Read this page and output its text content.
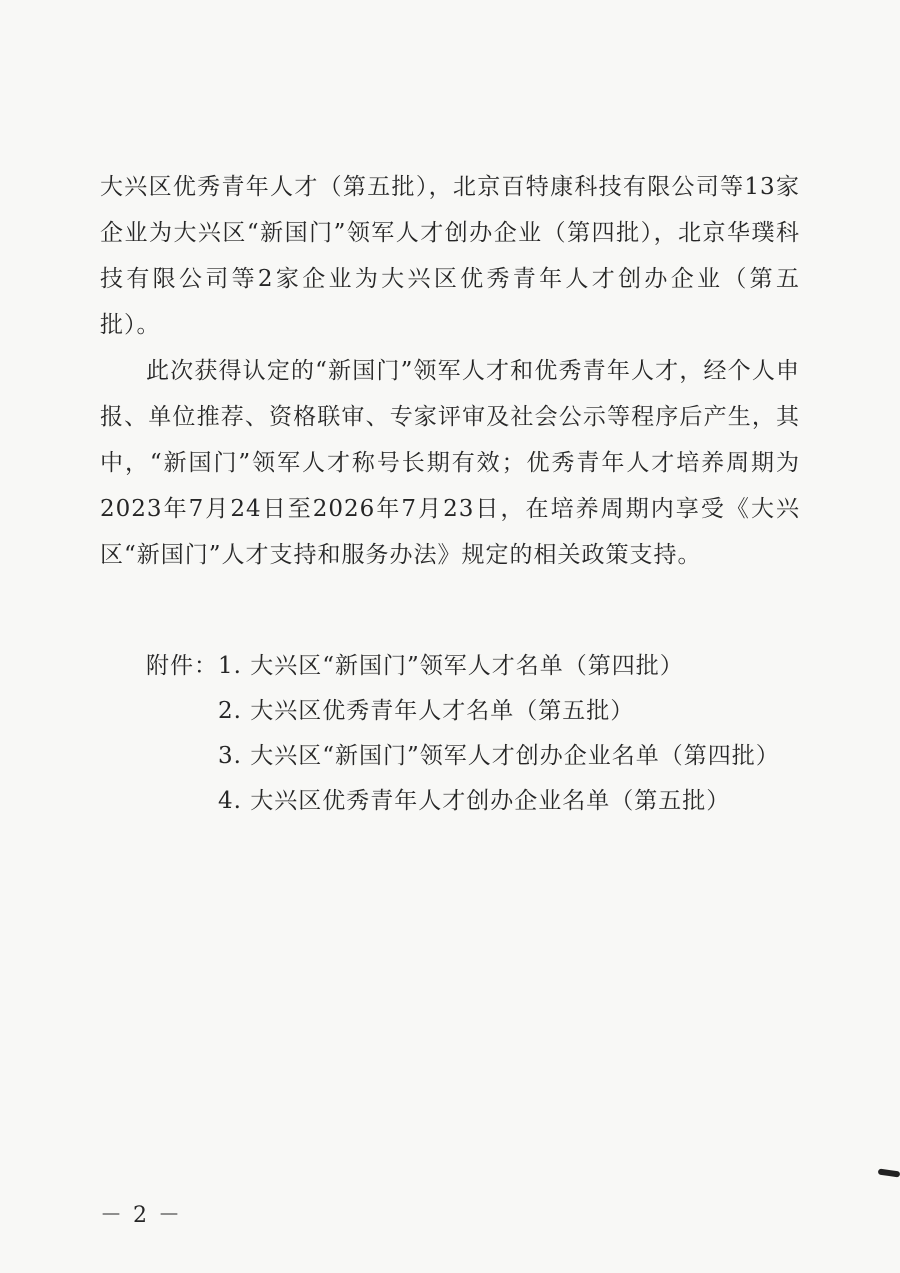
大兴区优秀青年人才（第五批），北京百特康科技有限公司等13家企业为大兴区“新国门”领军人才创办企业（第四批），北京华璞科技有限公司等2家企业为大兴区优秀青年人才创办企业（第五批）。

此次获得认定的“新国门”领军人才和优秀青年人才，经个人申报、单位推荐、资格联审、专家评审及社会公示等程序后产生，其中，“新国门”领军人才称号长期有效；优秀青年人才培养周期为2023年7月24日至2026年7月23日，在培养周期内享受《大兴区“新国门”人才支持和服务办法》规定的相关政策支持。

附件： 1. 大兴区“新国门”领军人才名单（第四批）
2. 大兴区优秀青年人才名单（第五批）
3. 大兴区“新国门”领军人才创办企业名单（第四批）
4. 大兴区优秀青年人才创办企业名单（第五批）
－ 2 －
